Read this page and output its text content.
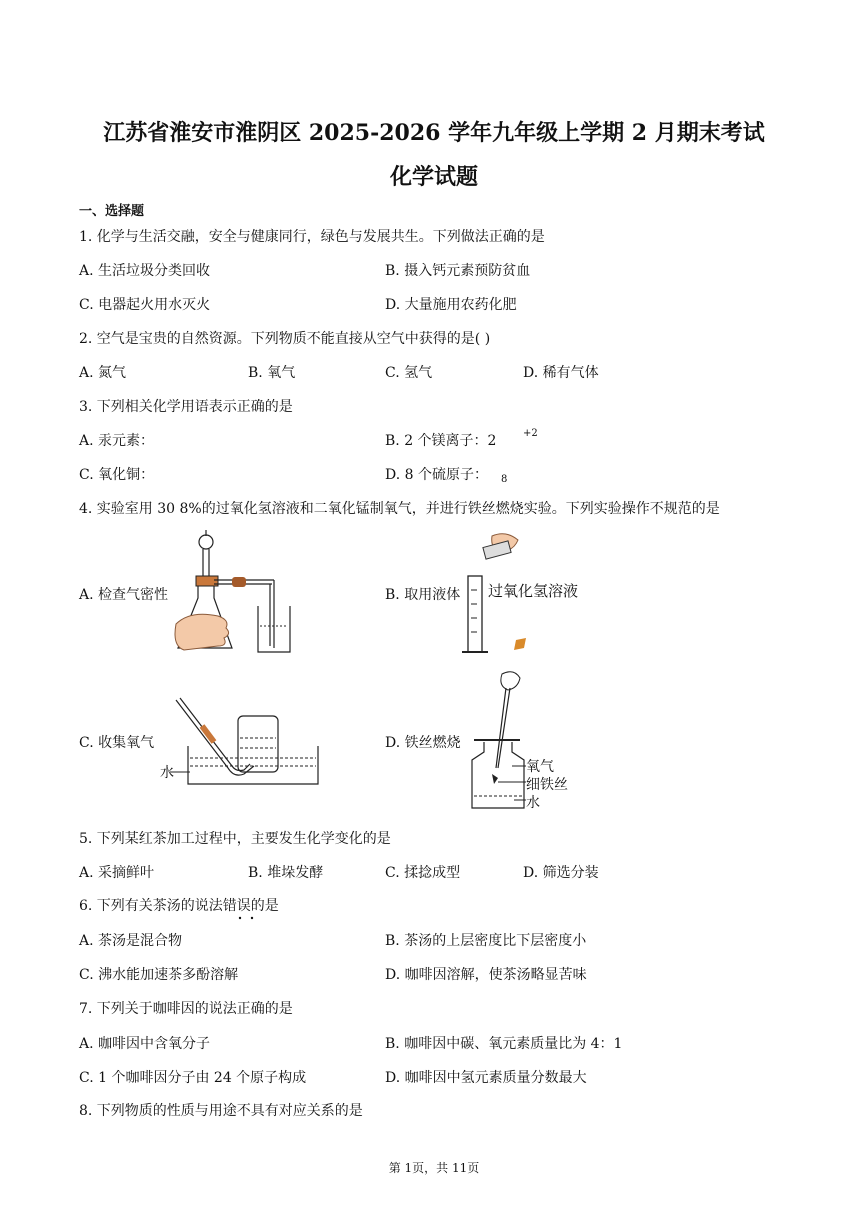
江苏省淮安市淮阴区 2025-2026 学年九年级上学期 2 月期末考试
化学试题
一、选择题
1. 化学与生活交融，安全与健康同行，绿色与发展共生。下列做法正确的是
A. 生活垃圾分类回收	B. 摄入钙元素预防贫血
C. 电器起火用水灭火	D. 大量施用农药化肥
2. 空气是宝贵的自然资源。下列物质不能直接从空气中获得的是( )
A. 氮气	B. 氧气	C. 氢气	D. 稀有气体
3. 下列相关化学用语表示正确的是
A. 汞元素：	B. 2 个镁离子：2	+2
C. 氧化铜：	D. 8 个硫原子： 8
4. 实验室用 30 8%的过氧化氢溶液和二氧化锰制氧气，并进行铁丝燃烧实验。下列实验操作不规范的是
A. 检查气密性	B. 取用液体
C. 收集氧气	D. 铁丝燃烧
过氧化氢溶液
水	氧气
细铁丝
水
5. 下列某红茶加工过程中，主要发生化学变化的是
A. 采摘鲜叶	B. 堆垛发酵	C. 揉捻成型	D. 筛选分装
6. 下列有关茶汤的说法错误的是
A. 茶汤是混合物	B. 茶汤的上层密度比下层密度小
C. 沸水能加速茶多酚溶解	D. 咖啡因溶解，使茶汤略显苦味
7. 下列关于咖啡因的说法正确的是
A. 咖啡因中含氧分子	B. 咖啡因中碳、氧元素质量比为 4：1
C. 1 个咖啡因分子由 24 个原子构成	D. 咖啡因中氢元素质量分数最大
8. 下列物质的性质与用途不具有对应关系的是
第 1页，共 11页
